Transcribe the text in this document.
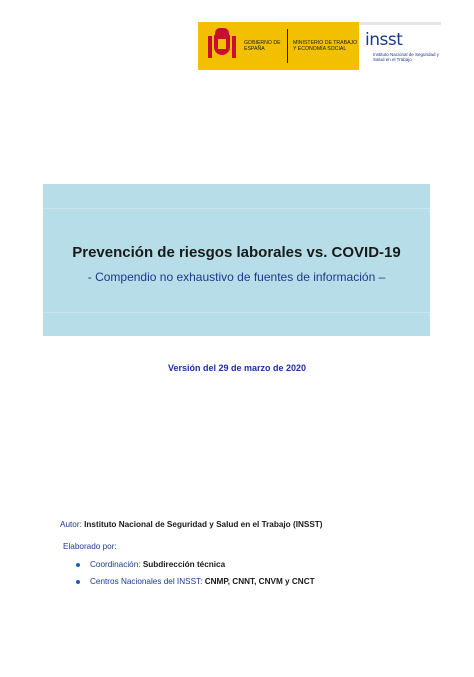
GOBIERNO DE ESPAÑA
MINISTERIO DE TRABAJO Y ECONOMÍA SOCIAL	insst
Instituto Nacional de Seguridad y Salud en el Trabajo
Prevención de riesgos laborales vs. COVID-19
- Compendio no exhaustivo de fuentes de información –
Versión del 29 de marzo de 2020
Autor: Instituto Nacional de Seguridad y Salud en el Trabajo (INSST)
Elaborado por:
Coordinación: Subdirección técnica
Centros Nacionales del INSST: CNMP, CNNT, CNVM y CNCT
